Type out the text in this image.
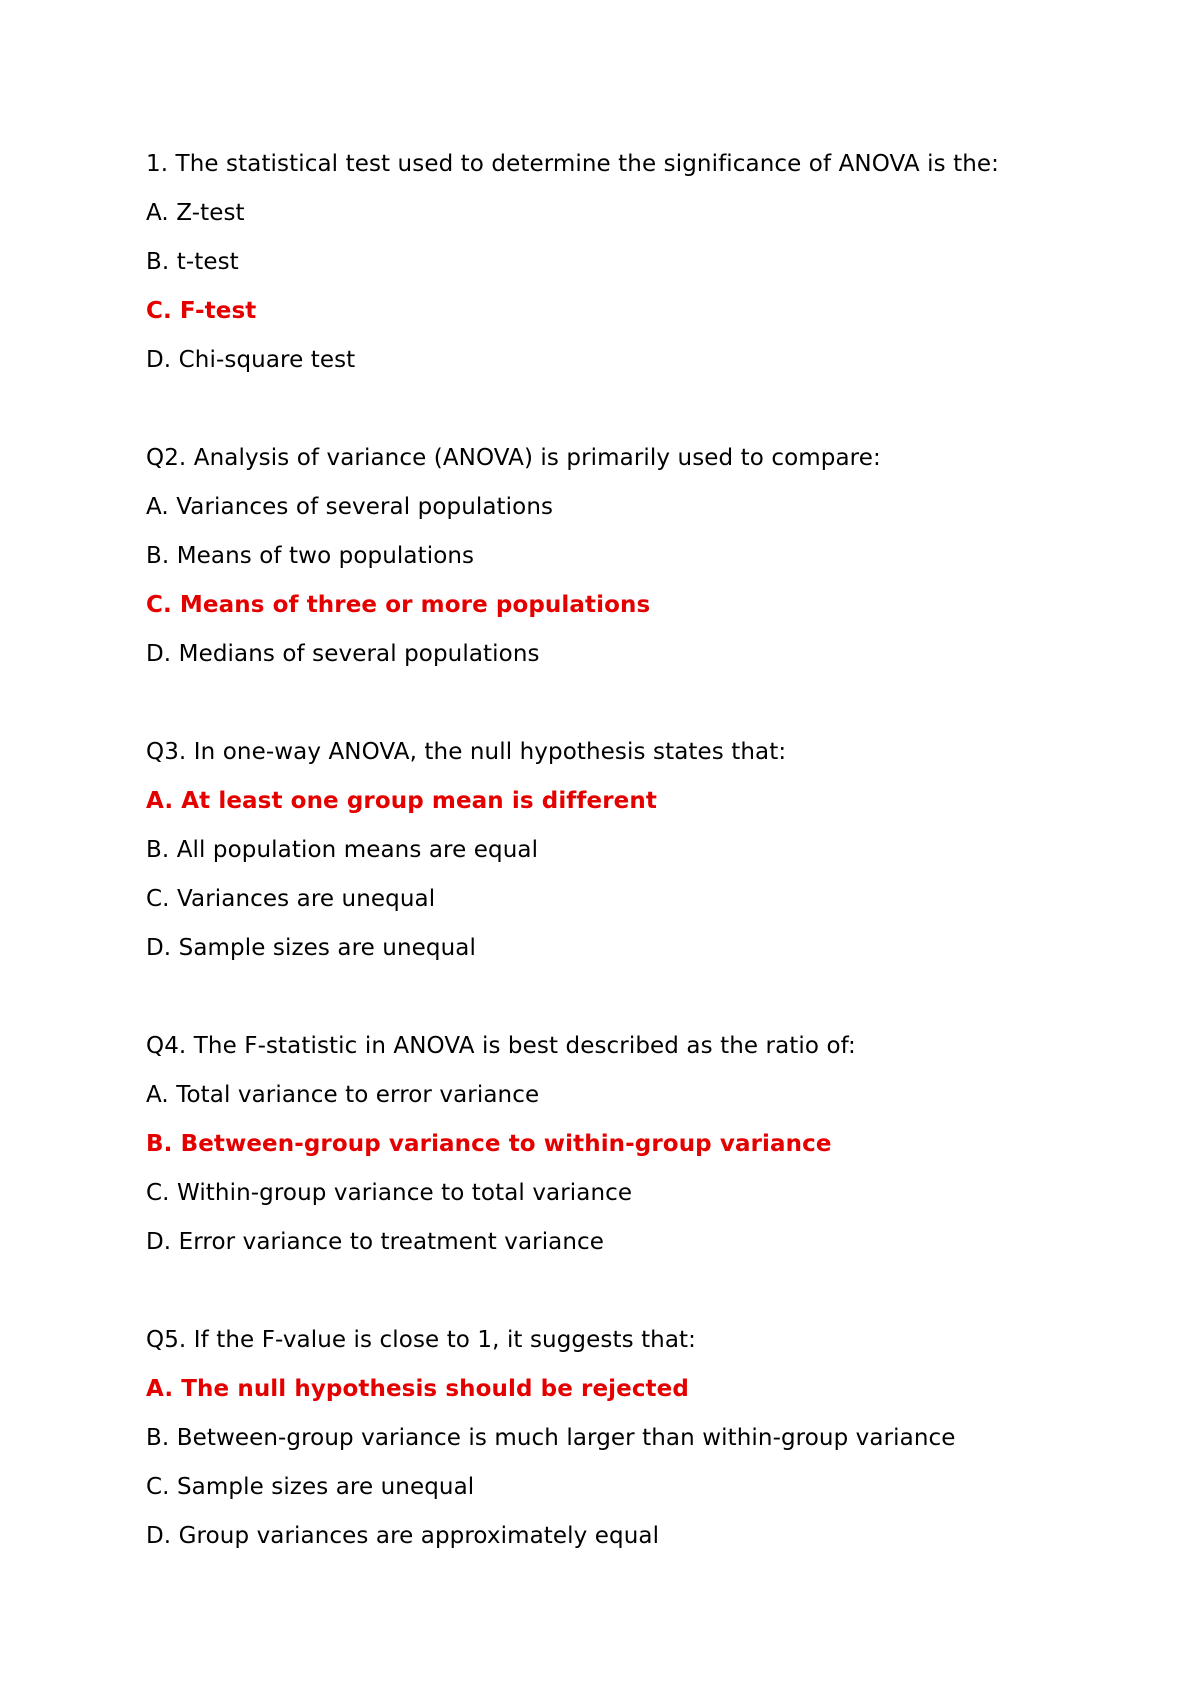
1. The statistical test used to determine the significance of ANOVA is the:
A. Z-test
B. t-test
C. F-test
D. Chi-square test
Q2. Analysis of variance (ANOVA) is primarily used to compare:
A. Variances of several populations
B. Means of two populations
C. Means of three or more populations
D. Medians of several populations
Q3. In one-way ANOVA, the null hypothesis states that:
A. At least one group mean is different
B. All population means are equal
C. Variances are unequal
D. Sample sizes are unequal
Q4. The F-statistic in ANOVA is best described as the ratio of:
A. Total variance to error variance
B. Between-group variance to within-group variance
C. Within-group variance to total variance
D. Error variance to treatment variance
Q5. If the F-value is close to 1, it suggests that:
A. The null hypothesis should be rejected
B. Between-group variance is much larger than within-group variance
C. Sample sizes are unequal
D. Group variances are approximately equal
